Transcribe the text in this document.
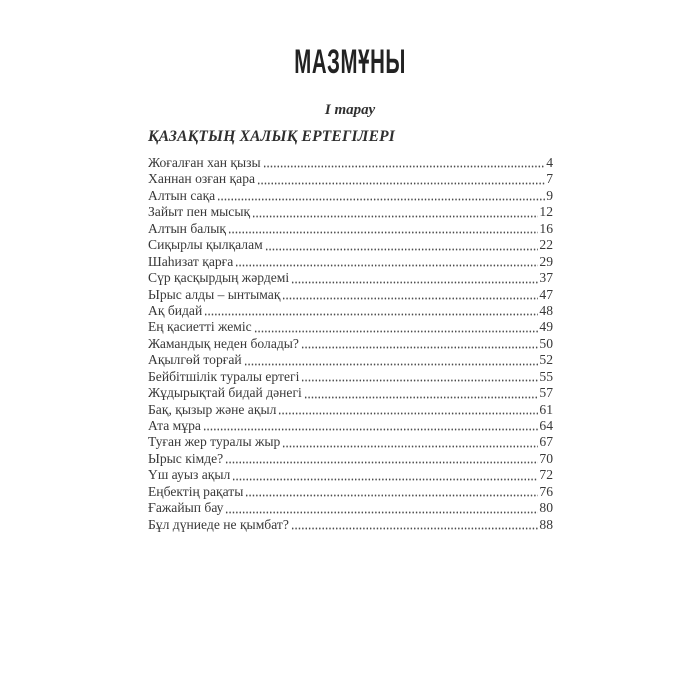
МАЗМҰНЫ
I тарау
ҚАЗАҚТЫҢ ХАЛЫҚ ЕРТЕГІЛЕРІ
Жоғалған хан қызы	4
Ханнан озған қара	7
Алтын сақа	9
Зайыт пен мысық	12
Алтын балық	16
Сиқырлы қылқалам	22
Шаһизат қарға	29
Сүр қасқырдың жәрдемі	37
Ырыс алды – ынтымақ	47
Ақ бидай	48
Ең қасиетті жеміс	49
Жамандық неден болады?	50
Ақылгөй торғай	52
Бейбітшілік туралы ертегі	55
Жұдырықтай бидай дәнегі	57
Бақ, қызыр және ақыл	61
Ата мұра	64
Туған жер туралы жыр	67
Ырыс кімде?	70
Үш ауыз ақыл	72
Еңбектің рақаты	76
Ғажайып бау	80
Бұл дүниеде не қымбат?	88
